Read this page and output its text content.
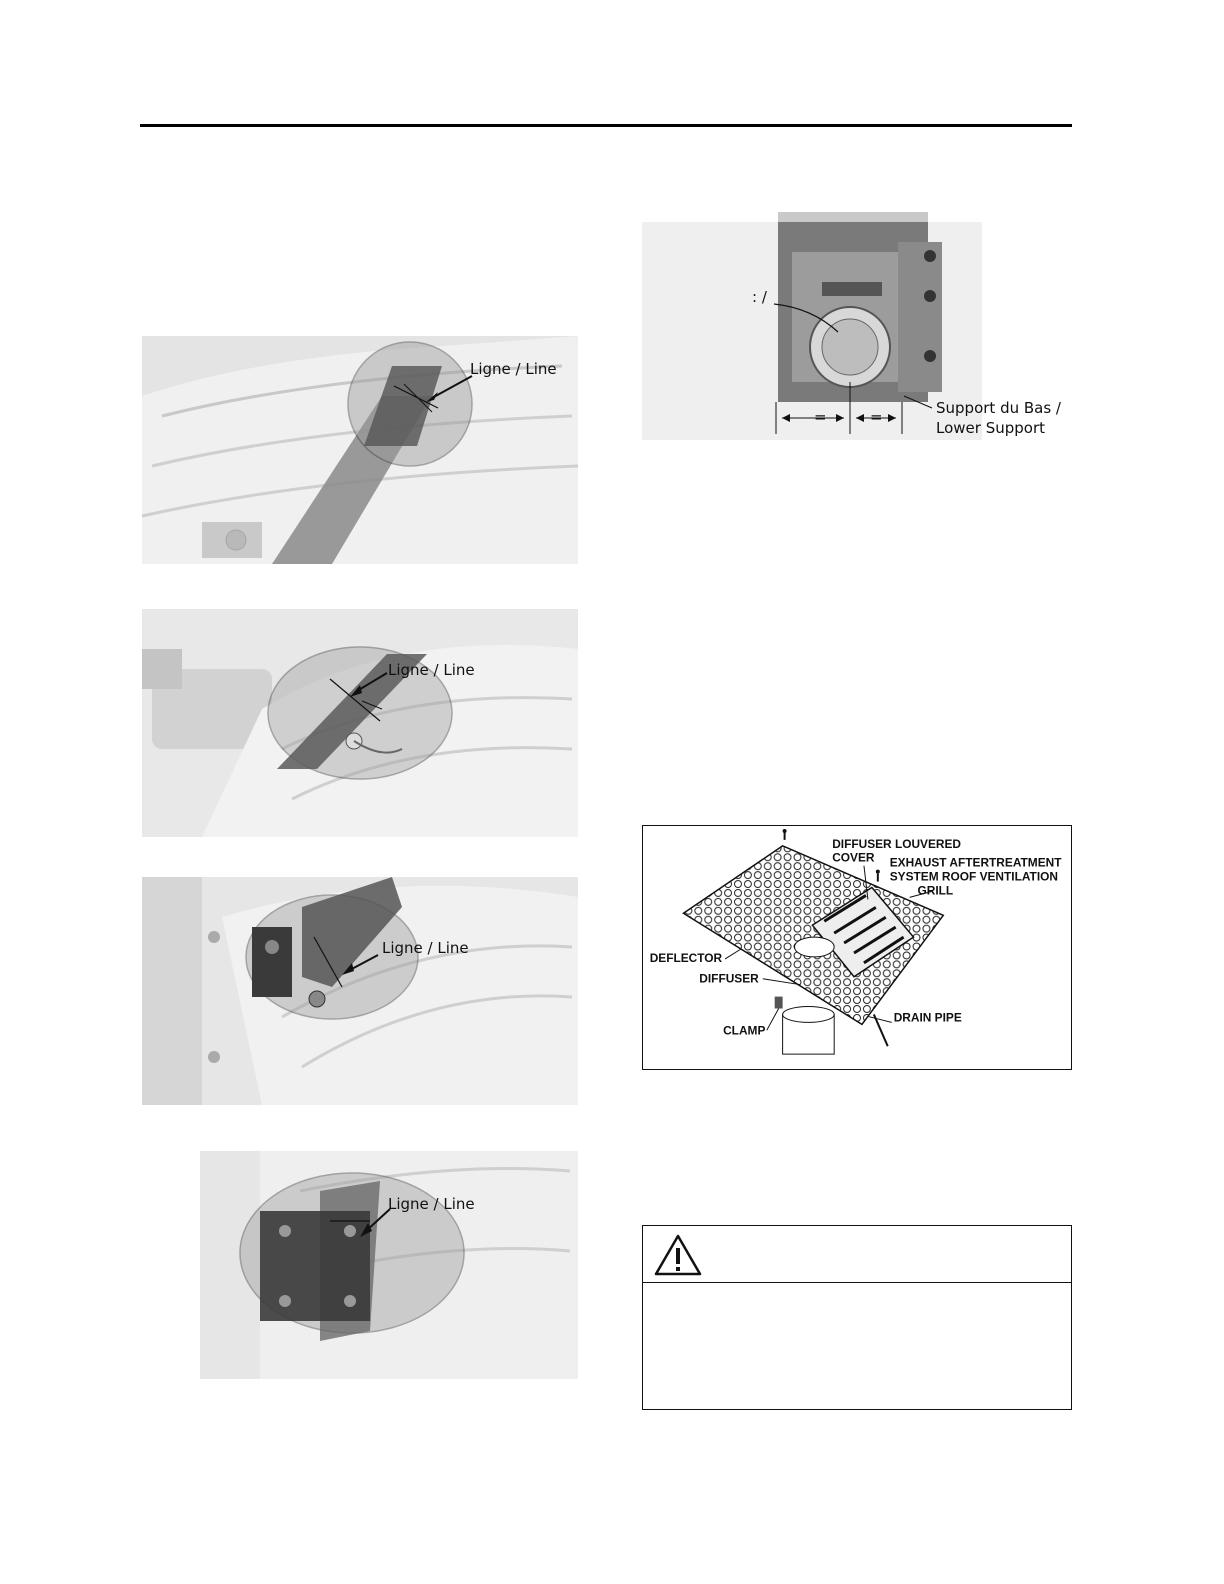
Ligne / Line
Ligne / Line
Ligne / Line
Ligne / Line
=	=
: /
Support du Bas /
Lower Support
DIFFUSER LOUVERED
COVER EXHAUST AFTERTREATMENT
SYSTEM ROOF VENTILATION
GRILL
DEFLECTOR
DIFFUSER
CLAMP
DRAIN PIPE
